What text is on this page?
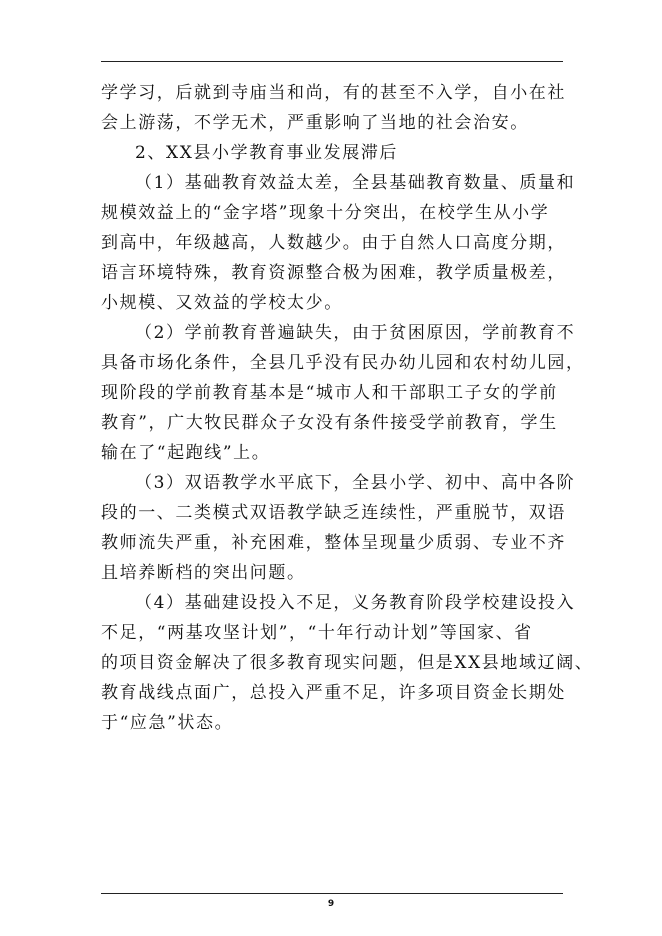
学学习，后就到寺庙当和尚，有的甚至不入学，自小在社
会上游荡，不学无术，严重影响了当地的社会治安。
2、XX县小学教育事业发展滞后
（1）基础教育效益太差，全县基础教育数量、质量和
规模效益上的“金字塔”现象十分突出，在校学生从小学
到高中，年级越高，人数越少。由于自然人口高度分期，
语言环境特殊，教育资源整合极为困难，教学质量极差，
小规模、又效益的学校太少。
（2）学前教育普遍缺失，由于贫困原因，学前教育不
具备市场化条件，全县几乎没有民办幼儿园和农村幼儿园，
现阶段的学前教育基本是“城市人和干部职工子女的学前
教育”，广大牧民群众子女没有条件接受学前教育，学生
输在了“起跑线”上。
（3）双语教学水平底下，全县小学、初中、高中各阶
段的一、二类模式双语教学缺乏连续性，严重脱节，双语
教师流失严重，补充困难，整体呈现量少质弱、专业不齐
且培养断档的突出问题。
（4）基础建设投入不足，义务教育阶段学校建设投入
不足，“两基攻坚计划”，“十年行动计划”等国家、省
的项目资金解决了很多教育现实问题，但是XX县地域辽阔、
教育战线点面广，总投入严重不足，许多项目资金长期处
于“应急”状态。
9
